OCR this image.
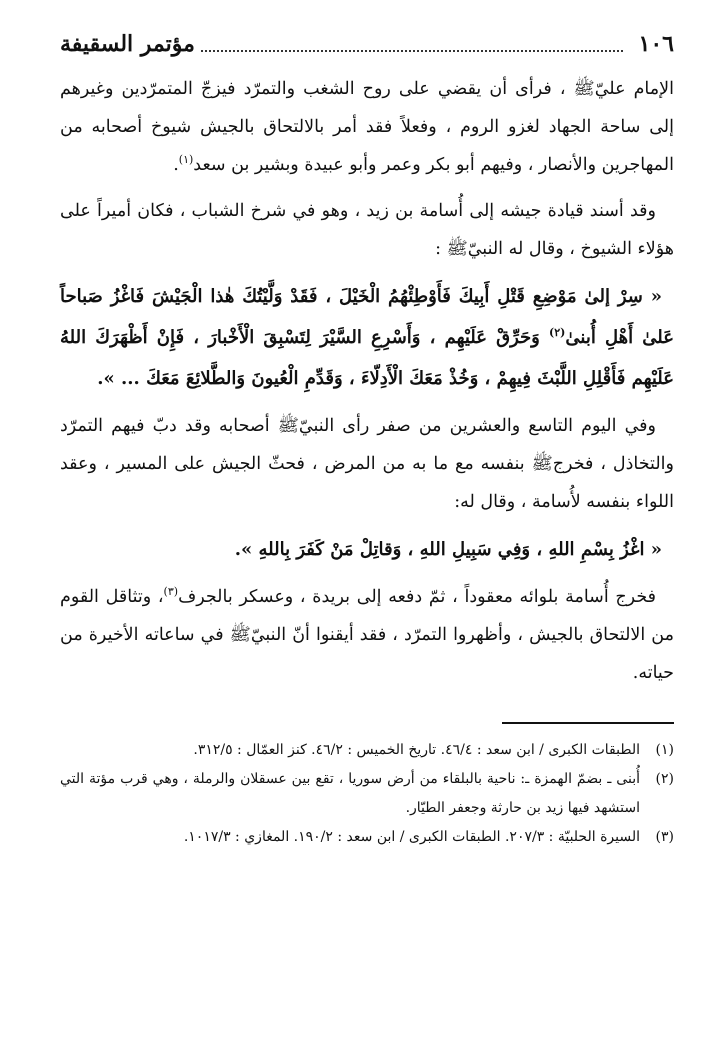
١٠٦
مؤتمر السقيفة

الإمام عليّﷺ ، فرأى أن يقضي على روح الشغب والتمرّد فيزجّ المتمرّدين وغيرهم إلى ساحة الجهاد لغزو الروم ، وفعلاً فقد أمر بالالتحاق بالجيش شيوخ أصحابه من المهاجرين والأنصار ، وفيهم أبو بكر وعمر وأبو عبيدة وبشير بن سعد$^{(١)}$.

وقد أسند قيادة جيشه إلى أُسامة بن زيد ، وهو في شرخ الشباب ، فكان أميراً على هؤلاء الشيوخ ، وقال له النبيّﷺ :

« سِرْ إلىٰ مَوْضِعِ قَتْلِ أَبِيكَ فَأَوْطِئْهُمُ الْخَيْلَ ، فَقَدْ وَلَّيْتُكَ هٰذا الْجَيْشَ فَاغْزُ صَباحاً عَلىٰ أَهْلِ أُبنىٰ$^{(٢)}$ وَحَرِّقْ عَلَيْهِم ، وَأَسْرِعِ السَّيْرَ لِتَسْبِقَ الْأَخْبارَ ، فَإِنْ أَظْهَرَكَ اللهُ عَلَيْهِم فَأَقْلِلِ اللَّبْثَ فِيهِمْ ، وَخُذْ مَعَكَ الْأَدِلّاءَ ، وَقَدِّمِ الْعُيونَ وَالطَّلائِعَ مَعَكَ ... ».

وفي اليوم التاسع والعشرين من صفر رأى النبيّﷺ أصحابه وقد دبّ فيهم التمرّد والتخاذل ، فخرجﷺ بنفسه مع ما به من المرض ، فحثّ الجيش على المسير ، وعقد اللواء بنفسه لأُسامة ، وقال له:

« اغْزُ بِسْمِ اللهِ ، وَفِي سَبِيلِ اللهِ ، وَقاتِلْ مَنْ كَفَرَ بِاللهِ ».

فخرج أُسامة بلوائه معقوداً ، ثمّ دفعه إلى بريدة ، وعسكر بالجرف$^{(٣)}$، وتثاقل القوم من الالتحاق بالجيش ، وأظهروا التمرّد ، فقد أيقنوا أنّ النبيّﷺ في ساعاته الأخيرة من حياته.

(١)
الطبقات الكبرى / ابن سعد : ٤٦/٤. تاريخ الخميس : ٤٦/٢. كنز العمّال : ٣١٢/٥.
(٢)
أُبنى ـ بضمّ الهمزة ـ: ناحية بالبلقاء من أرض سوريا ، تقع بين عسقلان والرملة ، وهي قرب مؤتة التي استشهد فيها زيد بن حارثة وجعفر الطيّار.
(٣)
السيرة الحلبيّة : ٢٠٧/٣. الطبقات الكبرى / ابن سعد : ١٩٠/٢. المغازي : ١٠١٧/٣.
